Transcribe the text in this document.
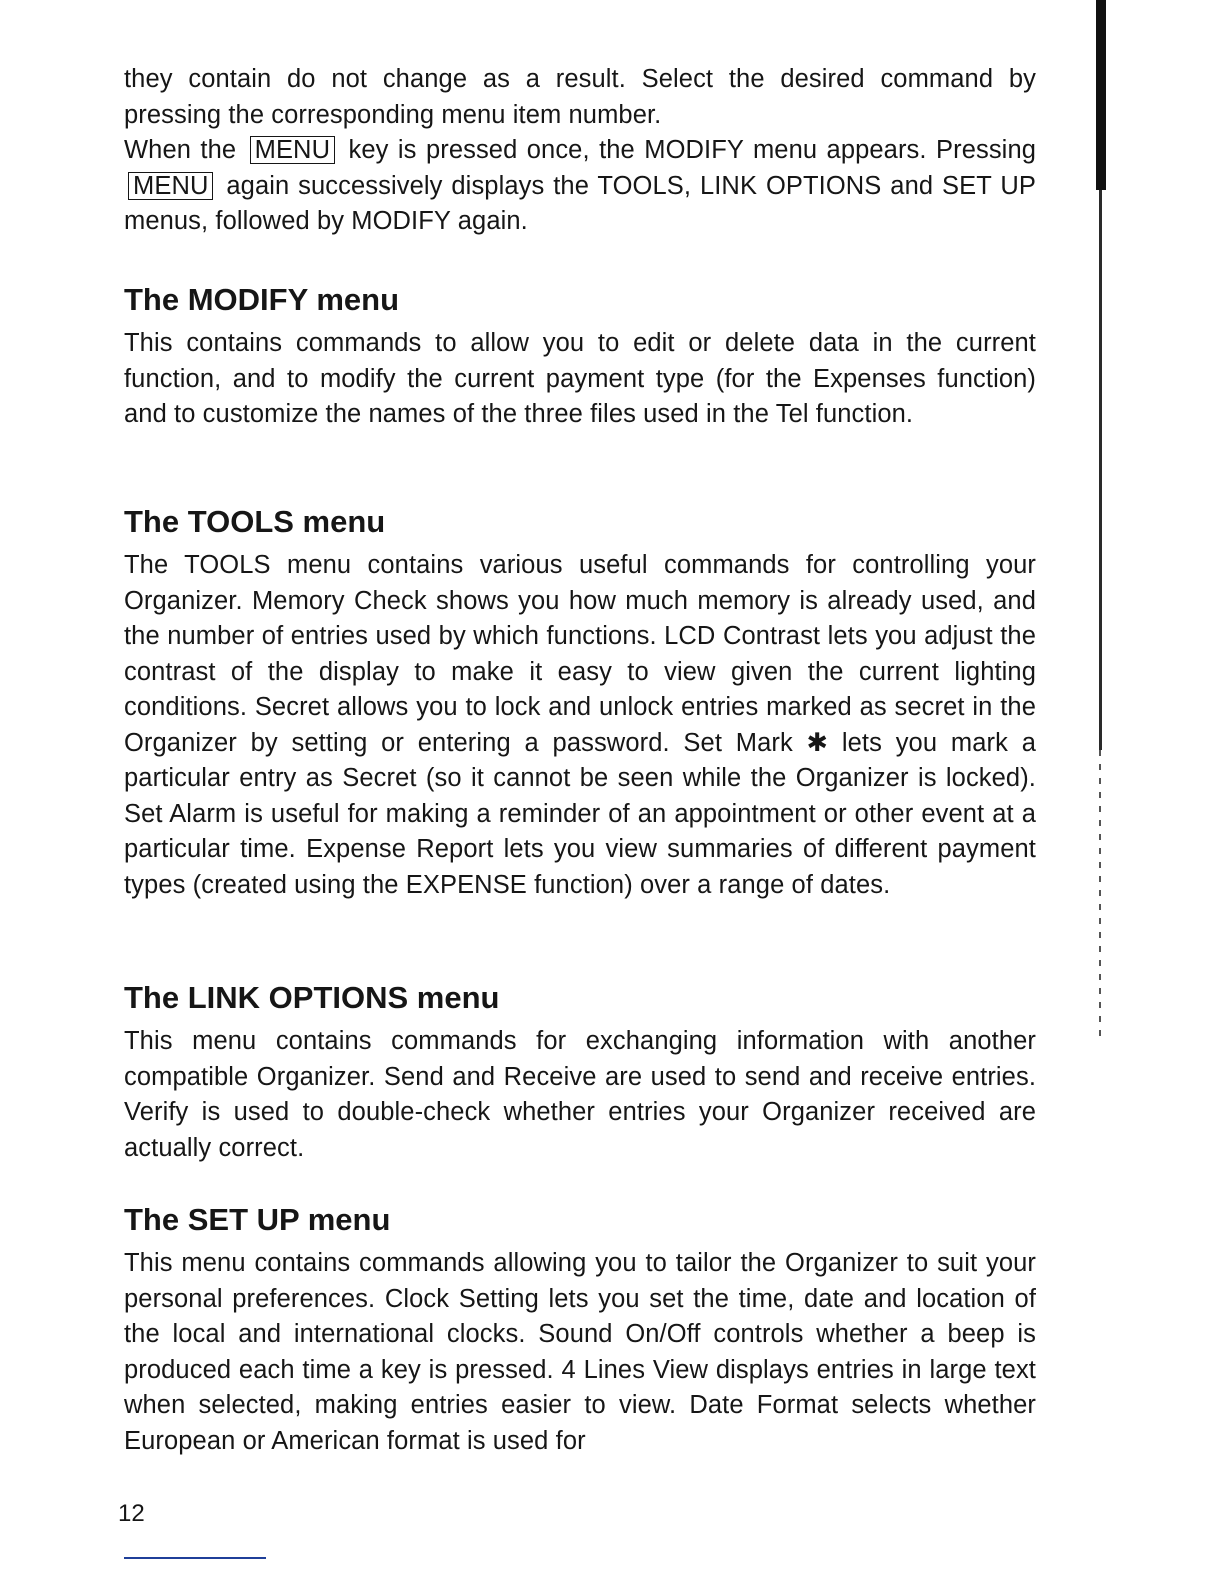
they contain do not change as a result. Select the desired command by pressing the corresponding menu item number.
When the MENU key is pressed once, the MODIFY menu appears. Pressing MENU again successively displays the TOOLS, LINK OPTIONS and SET UP menus, followed by MODIFY again.

The MODIFY menu

This contains commands to allow you to edit or delete data in the current function, and to modify the current payment type (for the Expenses function) and to customize the names of the three files used in the Tel function.

The TOOLS menu

The TOOLS menu contains various useful commands for controlling your Organizer. Memory Check shows you how much memory is already used, and the number of entries used by which functions. LCD Contrast lets you adjust the contrast of the display to make it easy to view given the current lighting conditions. Secret allows you to lock and unlock entries marked as secret in the Organizer by setting or entering a password. Set Mark ✱ lets you mark a particular entry as Secret (so it cannot be seen while the Organizer is locked). Set Alarm is useful for making a reminder of an appointment or other event at a particular time. Expense Report lets you view summaries of different payment types (created using the EXPENSE function) over a range of dates.

The LINK OPTIONS menu

This menu contains commands for exchanging information with another compatible Organizer. Send and Receive are used to send and receive entries. Verify is used to double-check whether entries your Organizer received are actually correct.

The SET UP menu

This menu contains commands allowing you to tailor the Organizer to suit your personal preferences. Clock Setting lets you set the time, date and location of the local and international clocks. Sound On/Off controls whether a beep is produced each time a key is pressed. 4 Lines View displays entries in large text when selected, making entries easier to view. Date Format selects whether European or American format is used for

12
